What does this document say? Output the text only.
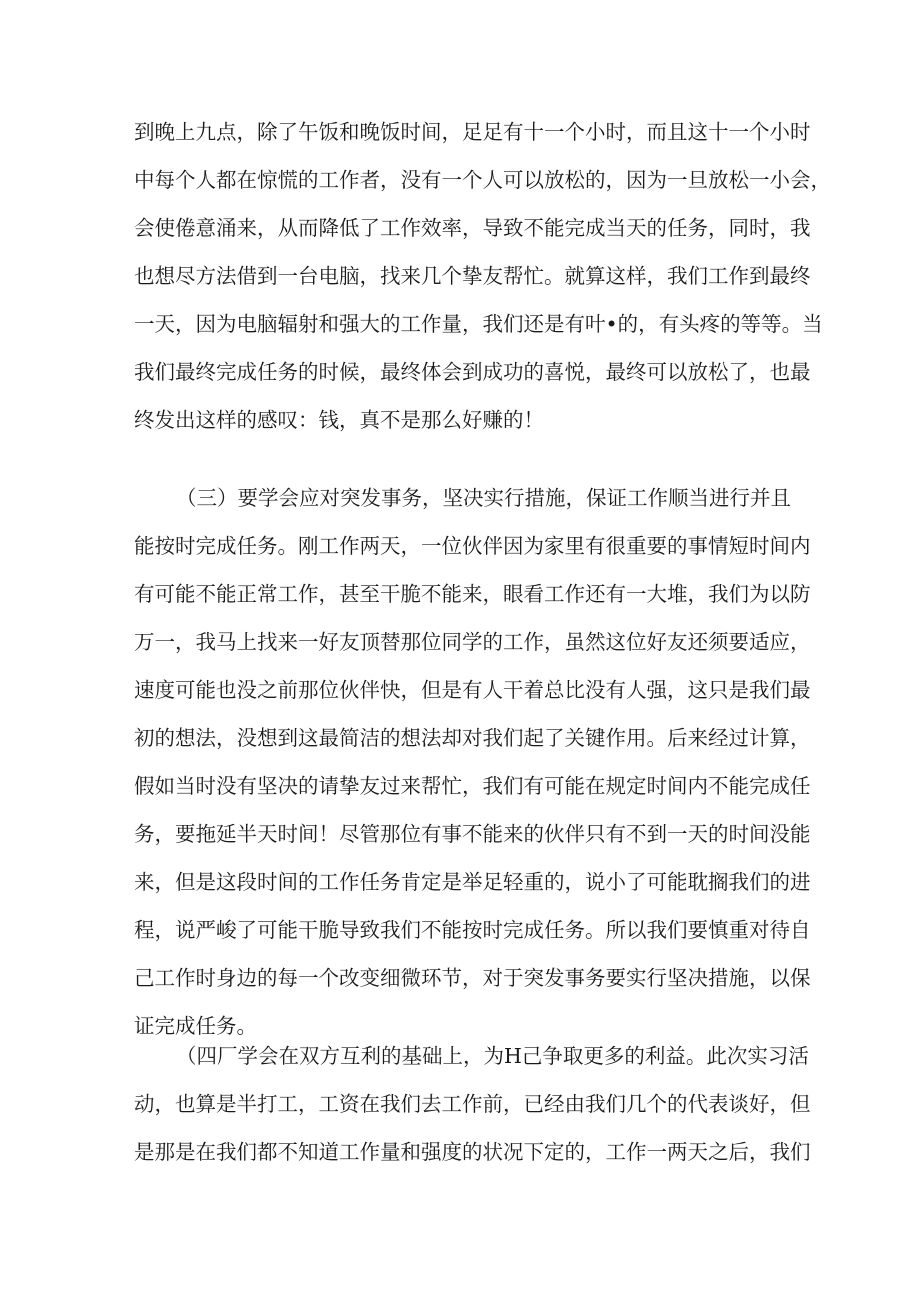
到晚上九点，除了午饭和晚饭时间，足足有十一个小时，而且这十一个小时
中每个人都在惊慌的工作者，没有一个人可以放松的，因为一旦放松一小会，
会使倦意涌来，从而降低了工作效率，导致不能完成当天的任务，同时，我
也想尽方法借到一台电脑，找来几个挚友帮忙。就算这样，我们工作到最终
一天，因为电脑辐射和强大的工作量，我们还是有叶•的，有头疼的等等。当
我们最终完成任务的时候，最终体会到成功的喜悦，最终可以放松了，也最
终发出这样的感叹：钱，真不是那么好赚的！
（三）要学会应对突发事务，坚决实行措施，保证工作顺当进行并且
能按时完成任务。刚工作两天，一位伙伴因为家里有很重要的事情短时间内
有可能不能正常工作，甚至干脆不能来，眼看工作还有一大堆，我们为以防
万一，我马上找来一好友顶替那位同学的工作，虽然这位好友还须要适应，
速度可能也没之前那位伙伴快，但是有人干着总比没有人强，这只是我们最
初的想法，没想到这最简洁的想法却对我们起了关键作用。后来经过计算，
假如当时没有坚决的请挚友过来帮忙，我们有可能在规定时间内不能完成任
务，要拖延半天时间！尽管那位有事不能来的伙伴只有不到一天的时间没能
来，但是这段时间的工作任务肯定是举足轻重的，说小了可能耽搁我们的进
程，说严峻了可能干脆导致我们不能按时完成任务。所以我们要慎重对待自
己工作时身边的每一个改变细微环节，对于突发事务要实行坚决措施，以保
证完成任务。
（四厂学会在双方互利的基础上，为H己争取更多的利益。此次实习活
动，也算是半打工，工资在我们去工作前，已经由我们几个的代表谈好，但
是那是在我们都不知道工作量和强度的状况下定的，工作一两天之后，我们
